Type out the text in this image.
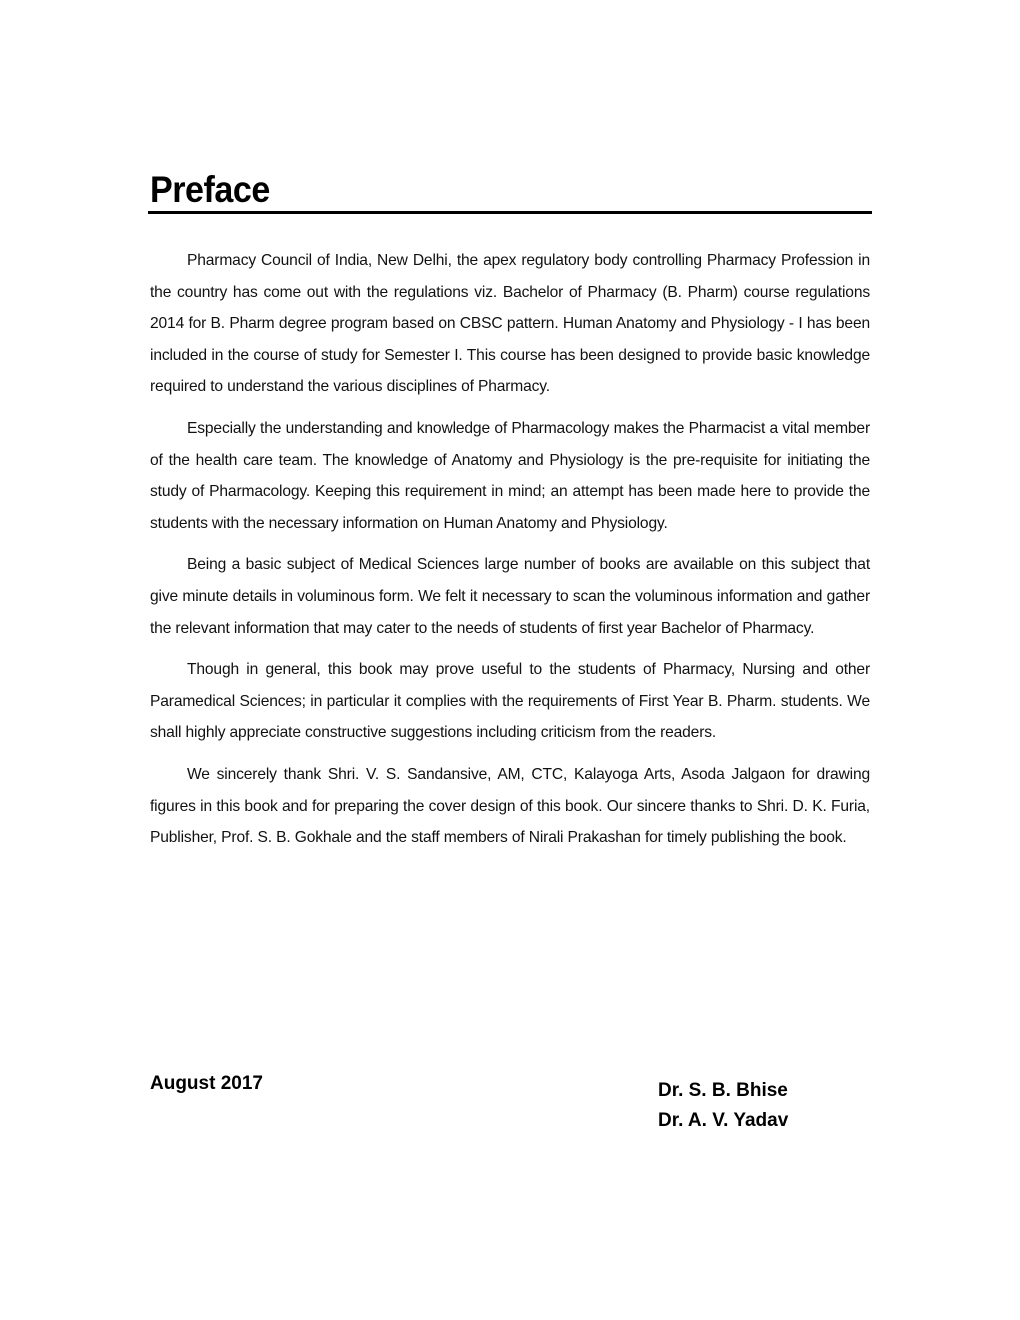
Preface

Pharmacy Council of India, New Delhi, the apex regulatory body controlling Pharmacy Profession in the country has come out with the regulations viz. Bachelor of Pharmacy (B. Pharm) course regulations 2014 for B. Pharm degree program based on CBSC pattern. Human Anatomy and Physiology - I has been included in the course of study for Semester I. This course has been designed to provide basic knowledge required to understand the various disciplines of Pharmacy.

Especially the understanding and knowledge of Pharmacology makes the Pharmacist a vital member of the health care team. The knowledge of Anatomy and Physiology is the pre-requisite for initiating the study of Pharmacology. Keeping this requirement in mind; an attempt has been made here to provide the students with the necessary information on Human Anatomy and Physiology.

Being a basic subject of Medical Sciences large number of books are available on this subject that give minute details in voluminous form. We felt it necessary to scan the voluminous information and gather the relevant information that may cater to the needs of students of first year Bachelor of Pharmacy.

Though in general, this book may prove useful to the students of Pharmacy, Nursing and other Paramedical Sciences; in particular it complies with the requirements of First Year B. Pharm. students. We shall highly appreciate constructive suggestions including criticism from the readers.

We sincerely thank Shri. V. S. Sandansive, AM, CTC, Kalayoga Arts, Asoda Jalgaon for drawing figures in this book and for preparing the cover design of this book. Our sincere thanks to Shri. D. K. Furia, Publisher, Prof. S. B. Gokhale and the staff members of Nirali Prakashan for timely publishing the book.

August 2017	Dr. S. B. Bhise
Dr. A. V. Yadav
